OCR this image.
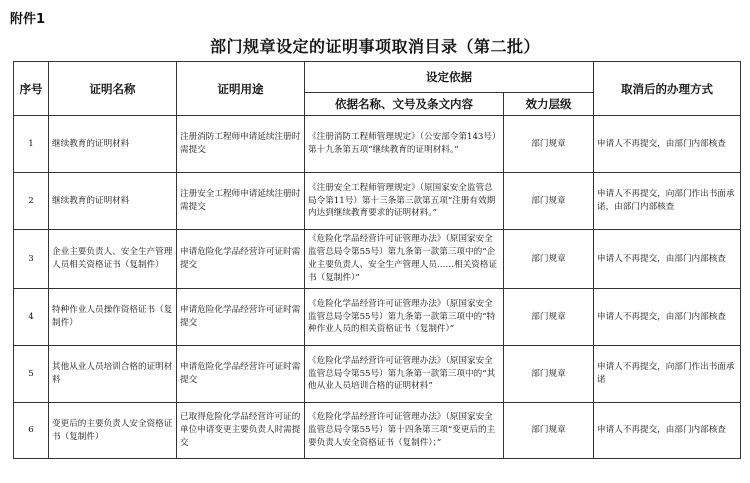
附件1
部门规章设定的证明事项取消目录（第二批）
序号	证明名称	证明用途	设定依据		取消后的办理方式
			依据名称、文号及条文内容	效力层级	
1	继续教育的证明材料	注册消防工程师申请延续注册时需提交	《注册消防工程师管理规定》（公安部令第143号）第十九条第五项“继续教育的证明材料。”	部门规章	申请人不再提交，由部门内部核查
2	继续教育的证明材料	注册安全工程师申请延续注册时需提交	《注册安全工程师管理规定》（原国家安全监管总局令第11号）第十三条第三款第五项“注册有效期内达到继续教育要求的证明材料。”	部门规章	申请人不再提交，向部门作出书面承诺，由部门内部核查
3	企业主要负责人、安全生产管理人员相关资格证书（复制件）	申请危险化学品经营许可证时需提交	《危险化学品经营许可证管理办法》（原国家安全监管总局令第55号）第九条第一款第三项中的“企业主要负责人、安全生产管理人员……相关资格证书（复制件）”	部门规章	申请人不再提交，由部门内部核查
4	特种作业人员操作资格证书（复制件）	申请危险化学品经营许可证时需提交	《危险化学品经营许可证管理办法》（原国家安全监管总局令第55号）第九条第一款第三项中的“特种作业人员的相关资格证书（复制件）”	部门规章	申请人不再提交，由部门内部核查
5	其他从业人员培训合格的证明材料	申请危险化学品经营许可证时需提交	《危险化学品经营许可证管理办法》（原国家安全监管总局令第55号）第九条第一款第三项中的“其他从业人员培训合格的证明材料”	部门规章	申请人不再提交，向部门作出书面承诺
6	变更后的主要负责人安全资格证书（复制件）	已取得危险化学品经营许可证的单位申请变更主要负责人时需提交	《危险化学品经营许可证管理办法》（原国家安全监管总局令第55号）第十四条第三项“变更后的主要负责人安全资格证书（复制件）；”	部门规章	申请人不再提交，由部门内部核查
